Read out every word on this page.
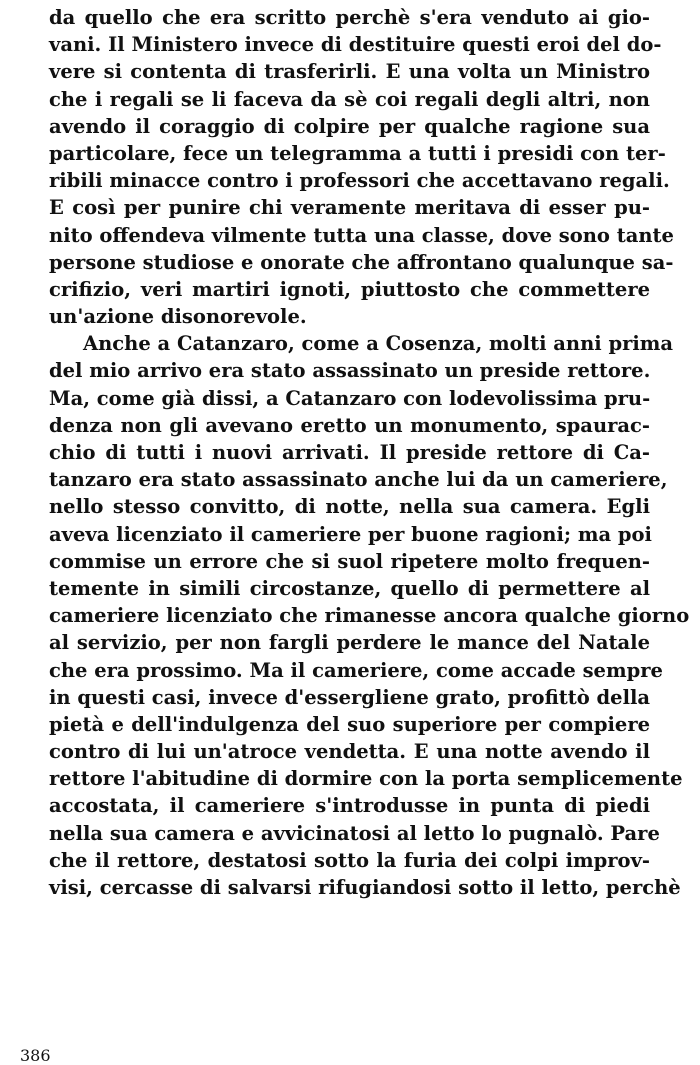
da quello che era scritto perchè s'era venduto ai gio-
vani. Il Ministero invece di destituire questi eroi del do-
vere si contenta di trasferirli. E una volta un Ministro
che i regali se li faceva da sè coi regali degli altri, non
avendo il coraggio di colpire per qualche ragione sua
particolare, fece un telegramma a tutti i presidi con ter-
ribili minacce contro i professori che accettavano regali.
E così per punire chi veramente meritava di esser pu-
nito offendeva vilmente tutta una classe, dove sono tante
persone studiose e onorate che affrontano qualunque sa-
crifizio, veri martiri ignoti, piuttosto che commettere
un'azione disonorevole.
Anche a Catanzaro, come a Cosenza, molti anni prima
del mio arrivo era stato assassinato un preside rettore.
Ma, come già dissi, a Catanzaro con lodevolissima pru-
denza non gli avevano eretto un monumento, spaurac-
chio di tutti i nuovi arrivati. Il preside rettore di Ca-
tanzaro era stato assassinato anche lui da un cameriere,
nello stesso convitto, di notte, nella sua camera. Egli
aveva licenziato il cameriere per buone ragioni; ma poi
commise un errore che si suol ripetere molto frequen-
temente in simili circostanze, quello di permettere al
cameriere licenziato che rimanesse ancora qualche giorno
al servizio, per non fargli perdere le mance del Natale
che era prossimo. Ma il cameriere, come accade sempre
in questi casi, invece d'essergliene grato, profittò della
pietà e dell'indulgenza del suo superiore per compiere
contro di lui un'atroce vendetta. E una notte avendo il
rettore l'abitudine di dormire con la porta semplicemente
accostata, il cameriere s'introdusse in punta di piedi
nella sua camera e avvicinatosi al letto lo pugnalò. Pare
che il rettore, destatosi sotto la furia dei colpi improv-
visi, cercasse di salvarsi rifugiandosi sotto il letto, perchè
386
